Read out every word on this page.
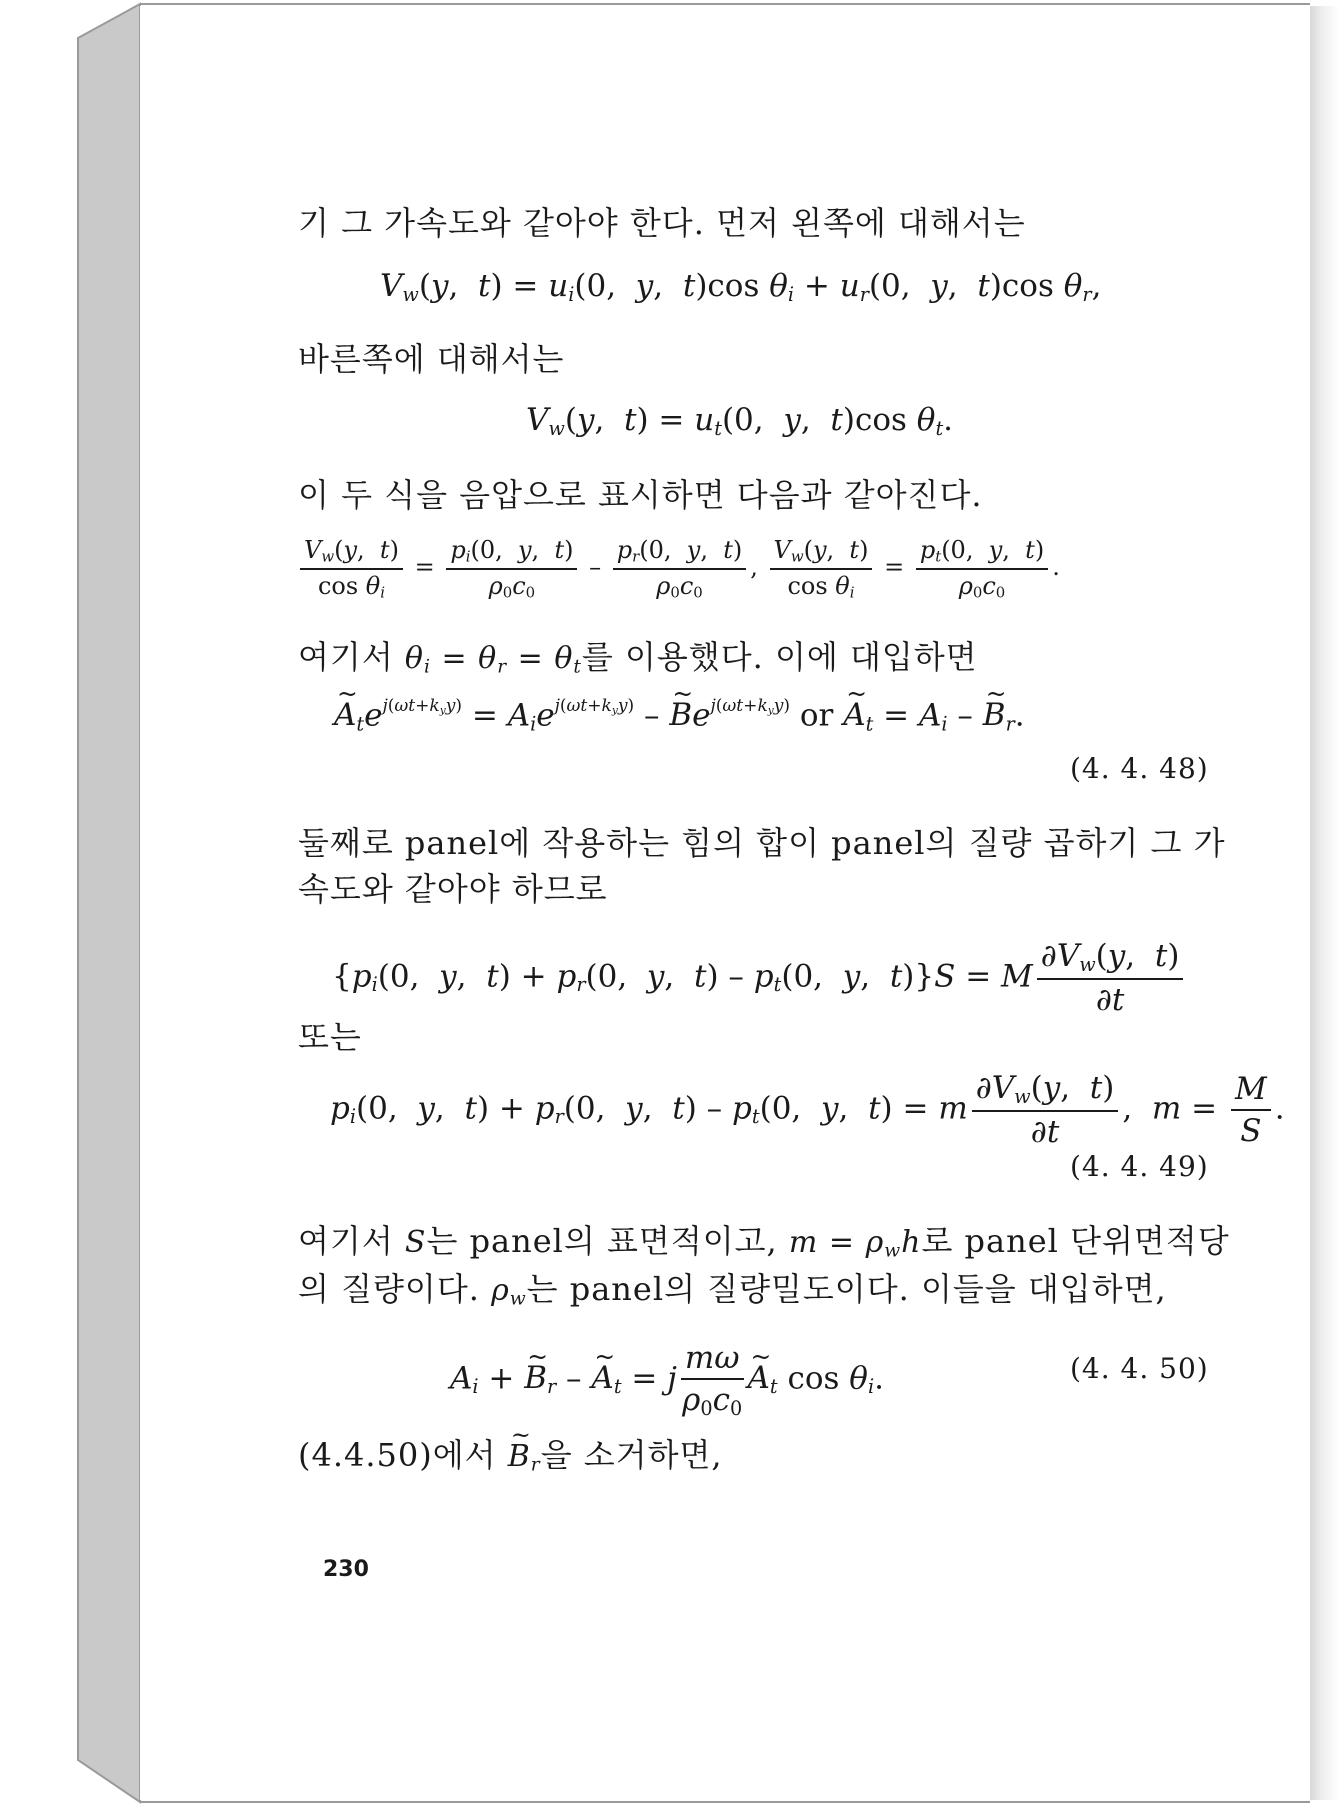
기 그 가속도와 같아야 한다. 먼저 왼쪽에 대해서는
$V_w(y$,  $t) = u_i(0$,  y,  t)cos $\theta_i + u_r(0$,  y,  t)cos $\theta_r$,
바른쪽에 대해서는
$V_w(y$,  $t) = u_t(0$,  y,  t)cos $\theta_t$.
이 두 식을 음압으로 표시하면 다음과 같아진다.
$\frac{V_w(y, t)}{\cos \theta_i} = \frac{p_i(0, y, t)}{\rho_0c_0} - \frac{p_r(0, y, t)}{\rho_0c_0}$ , $\frac{V_w(y, t)}{\cos \theta_i} = \frac{p_t(0, y, t)}{\rho_0c_0}$ .
여기서 $\theta_i = \theta_r = \theta_t$를 이용했다. 이에 대입하면
~ $A_te^{j(\omega t+k_yy)} = A_ie^{j(\omega t+k_yy)}$ – ~ $Be^{j(\omega t+k_yy)}$ or ~ $A_t = A_i$ – ~ $B_r$.
(4. 4. 48)
둘째로 panel에 작용하는 힘의 합이 panel의 질량 곱하기 그 가
속도와 같아야 하므로
{$p_i(0$,  y,  $t) + p_r(0$,  y,  $t) - p_t(0$,  y,  t)}S = M $\frac{\partial V_w(y, t)}{\partial t}$
또는
$p_i(0$,  y,  $t) + p_r(0$,  y,  $t) - p_t(0$,  y,  t) = m $\frac{\partial V_w(y, t)}{\partial t}$ ,  $m = \frac{M}{S}$ .
(4. 4. 49)
여기서 S는 panel의 표면적이고, $m = \rho_wh$로 panel 단위면적당
의 질량이다. $\rho_w$는 panel의 질량밀도이다. 이들을 대입하면,
$A_i$ + ~ $B_r$ – ~ $A_t = j \frac{m\omega}{\rho_0c_0}$ ~ $A_t$ $\cos \theta_i$.	(4. 4. 50)
(4.4.50)에서 ~ $B_r$을 소거하면,
230
